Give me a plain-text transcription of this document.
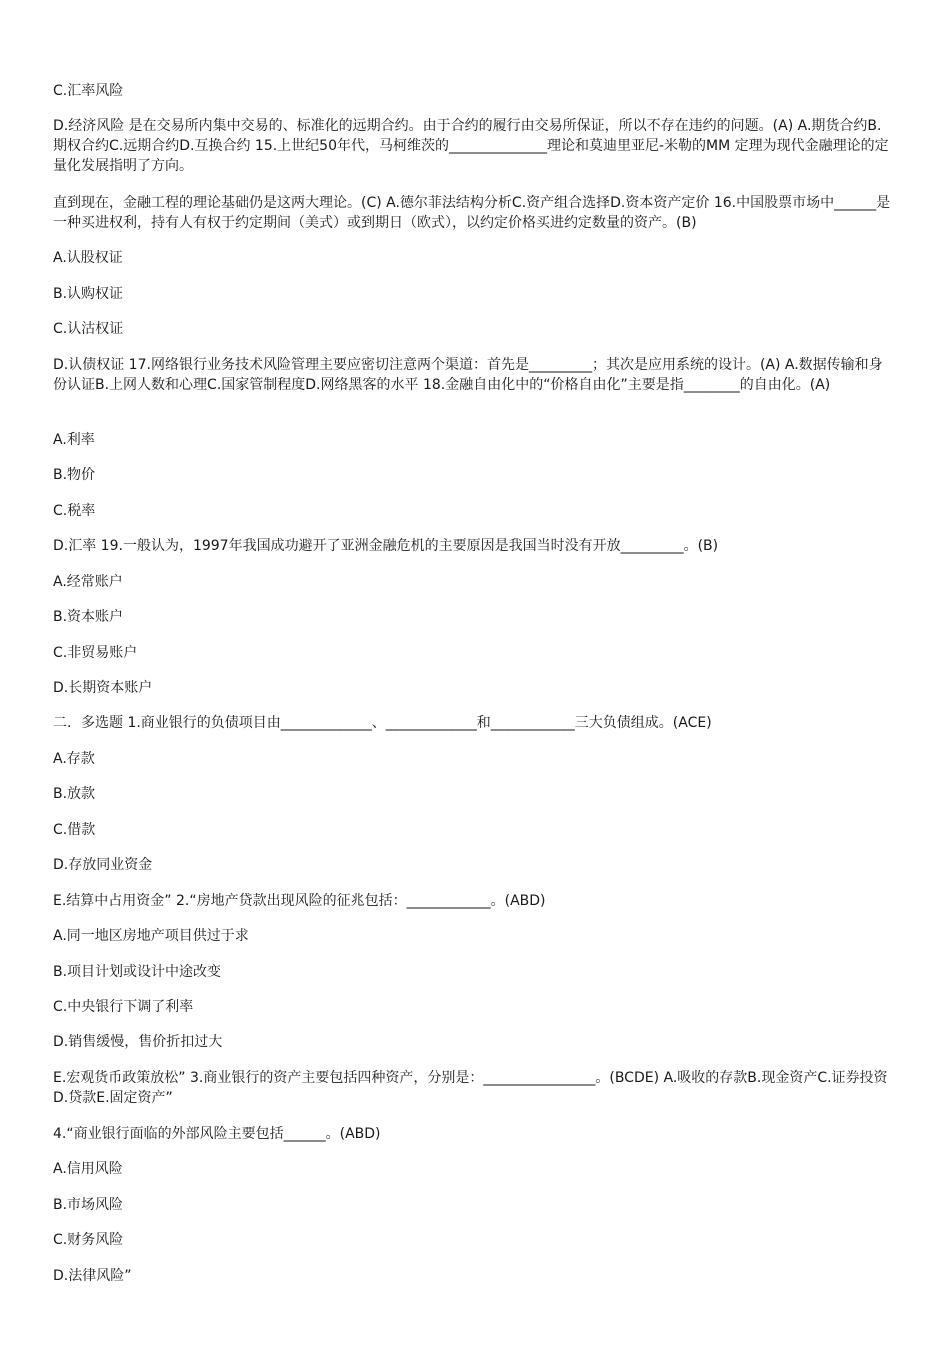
C.汇率风险

D.经济风险 是在交易所内集中交易的、标准化的远期合约。由于合约的履行由交易所保证，所以不存在违约的问题。(A) A.期货合约B.期权合约C.远期合约D.互换合约 15.上世纪50年代，马柯维茨的______________理论和莫迪里亚尼-米勒的MM 定理为现代金融理论的定量化发展指明了方向。

直到现在，金融工程的理论基础仍是这两大理论。(C) A.德尔菲法结构分析C.资产组合选择D.资本资产定价 16.中国股票市场中______是一种买进权利，持有人有权于约定期间（美式）或到期日（欧式），以约定价格买进约定数量的资产。(B)

A.认股权证

B.认购权证

C.认沽权证

D.认债权证 17.网络银行业务技术风险管理主要应密切注意两个渠道：首先是_________；其次是应用系统的设计。(A) A.数据传输和身份认证B.上网人数和心理C.国家管制程度D.网络黑客的水平 18.金融自由化中的“价格自由化”主要是指________的自由化。(A)

A.利率

B.物价

C.税率

D.汇率 19.一般认为，1997年我国成功避开了亚洲金融危机的主要原因是我国当时没有开放_________。(B)

A.经常账户

B.资本账户

C.非贸易账户

D.长期资本账户

二．多选题 1.商业银行的负债项目由_____________、_____________和____________三大负债组成。(ACE)

A.存款

B.放款

C.借款

D.存放同业资金

E.结算中占用资金” 2.“房地产贷款出现风险的征兆包括：____________。(ABD)

A.同一地区房地产项目供过于求

B.项目计划或设计中途改变

C.中央银行下调了利率

D.销售缓慢，售价折扣过大

E.宏观货币政策放松” 3.商业银行的资产主要包括四种资产，分别是：________________。(BCDE) A.吸收的存款B.现金资产C.证券投资D.贷款E.固定资产”

4.“商业银行面临的外部风险主要包括______。(ABD)

A.信用风险

B.市场风险

C.财务风险

D.法律风险”
